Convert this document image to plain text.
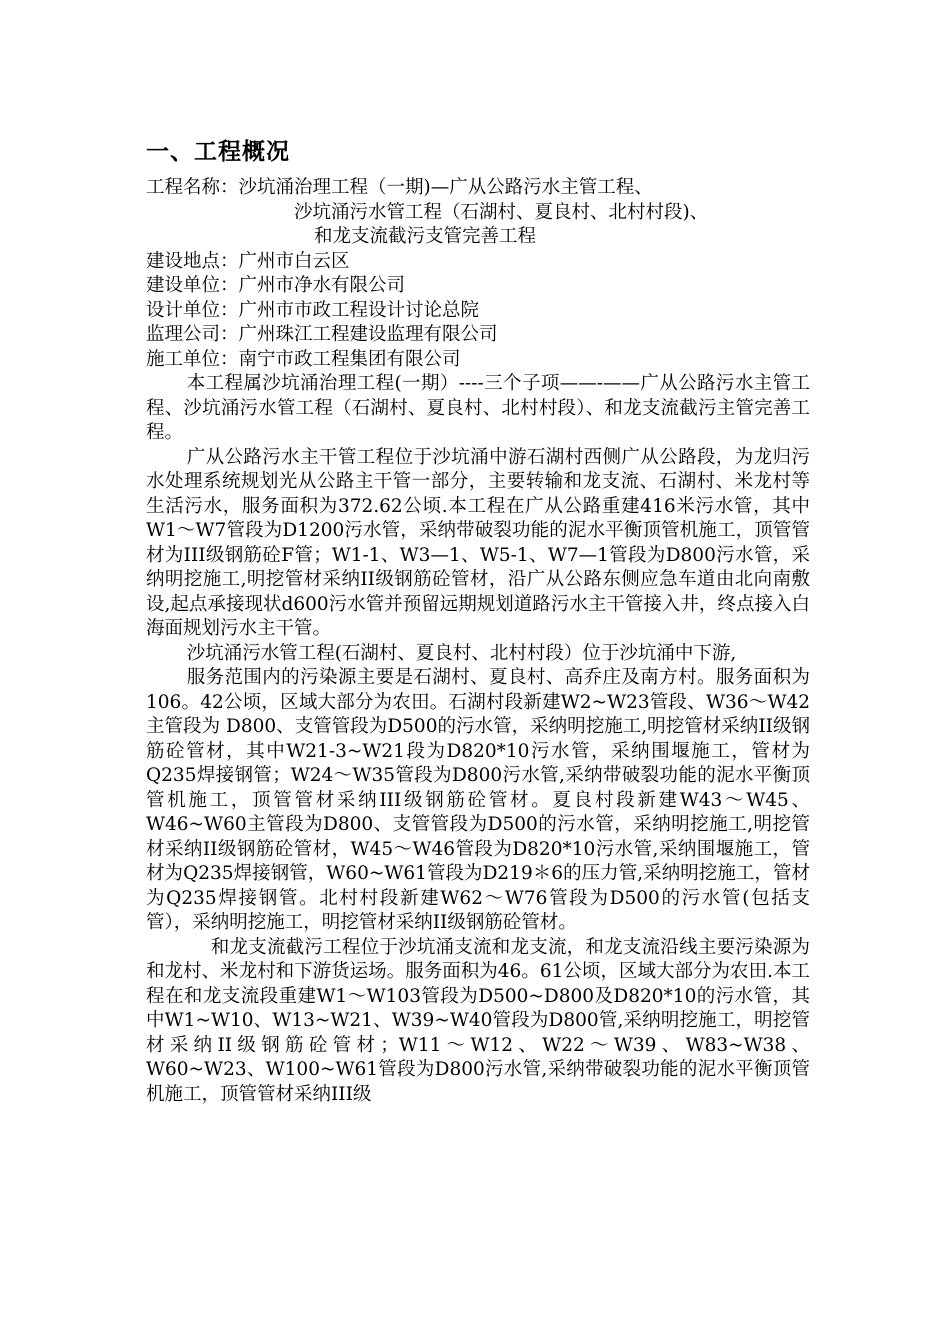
一、工程概况
工程名称：沙坑涌治理工程（一期)—广从公路污水主管工程、
沙坑涌污水管工程（石湖村、夏良村、北村村段)、
和龙支流截污支管完善工程
建设地点：广州市白云区
建设单位：广州市净水有限公司
设计单位：广州市市政工程设计讨论总院
监理公司：广州珠江工程建设监理有限公司
施工单位：南宁市政工程集团有限公司

本工程属沙坑涌治理工程(一期）----三个子项——-——广从公路污水主管工程、沙坑涌污水管工程（石湖村、夏良村、北村村段）、和龙支流截污主管完善工程。

广从公路污水主干管工程位于沙坑涌中游石湖村西侧广从公路段，为龙归污水处理系统规划光从公路主干管一部分，主要转输和龙支流、石湖村、米龙村等生活污水，服务面积为372.62公顷.本工程在广从公路重建416米污水管，其中W1～W7管段为D1200污水管，采纳带破裂功能的泥水平衡顶管机施工，顶管管材为III级钢筋砼F管；W1-1、W3—1、W5-1、W7—1管段为D800污水管，采纳明挖施工,明挖管材采纳II级钢筋砼管材，沿广从公路东侧应急车道由北向南敷设,起点承接现状d600污水管并预留远期规划道路污水主干管接入井，终点接入白海面规划污水主干管。

沙坑涌污水管工程(石湖村、夏良村、北村村段）位于沙坑涌中下游,

服务范围内的污染源主要是石湖村、夏良村、高乔庄及南方村。服务面积为106。42公顷，区域大部分为农田。石湖村段新建W2~W23管段、W36～W42主管段为 D800、支管管段为D500的污水管，采纳明挖施工,明挖管材采纳II级钢筋砼管材，其中W21-3~W21段为D820*10污水管，采纳围堰施工，管材为Q235焊接钢管；W24～W35管段为D800污水管,采纳带破裂功能的泥水平衡顶管机施工，顶管管材采纳III级钢筋砼管材。夏良村段新建W43～W45、W46~W60主管段为D800、支管管段为D500的污水管，采纳明挖施工,明挖管材采纳II级钢筋砼管材，W45～W46管段为D820*10污水管,采纳围堰施工，管材为Q235焊接钢管，W60~W61管段为D219＊6的压力管,采纳明挖施工，管材为Q235焊接钢管。北村村段新建W62～W76管段为D500的污水管(包括支管），采纳明挖施工，明挖管材采纳II级钢筋砼管材。

和龙支流截污工程位于沙坑涌支流和龙支流，和龙支流沿线主要污染源为和龙村、米龙村和下游货运场。服务面积为46。61公顷，区域大部分为农田.本工程在和龙支流段重建W1～W103管段为D500~D800及D820*10的污水管，其中W1~W10、W13~W21、W39~W40管段为D800管,采纳明挖施工，明挖管材采纳II级钢筋砼管材；W11～W12、W22～W39、W83~W38、W60~W23、W100~W61管段为D800污水管,采纳带破裂功能的泥水平衡顶管机施工，顶管管材采纳III级
